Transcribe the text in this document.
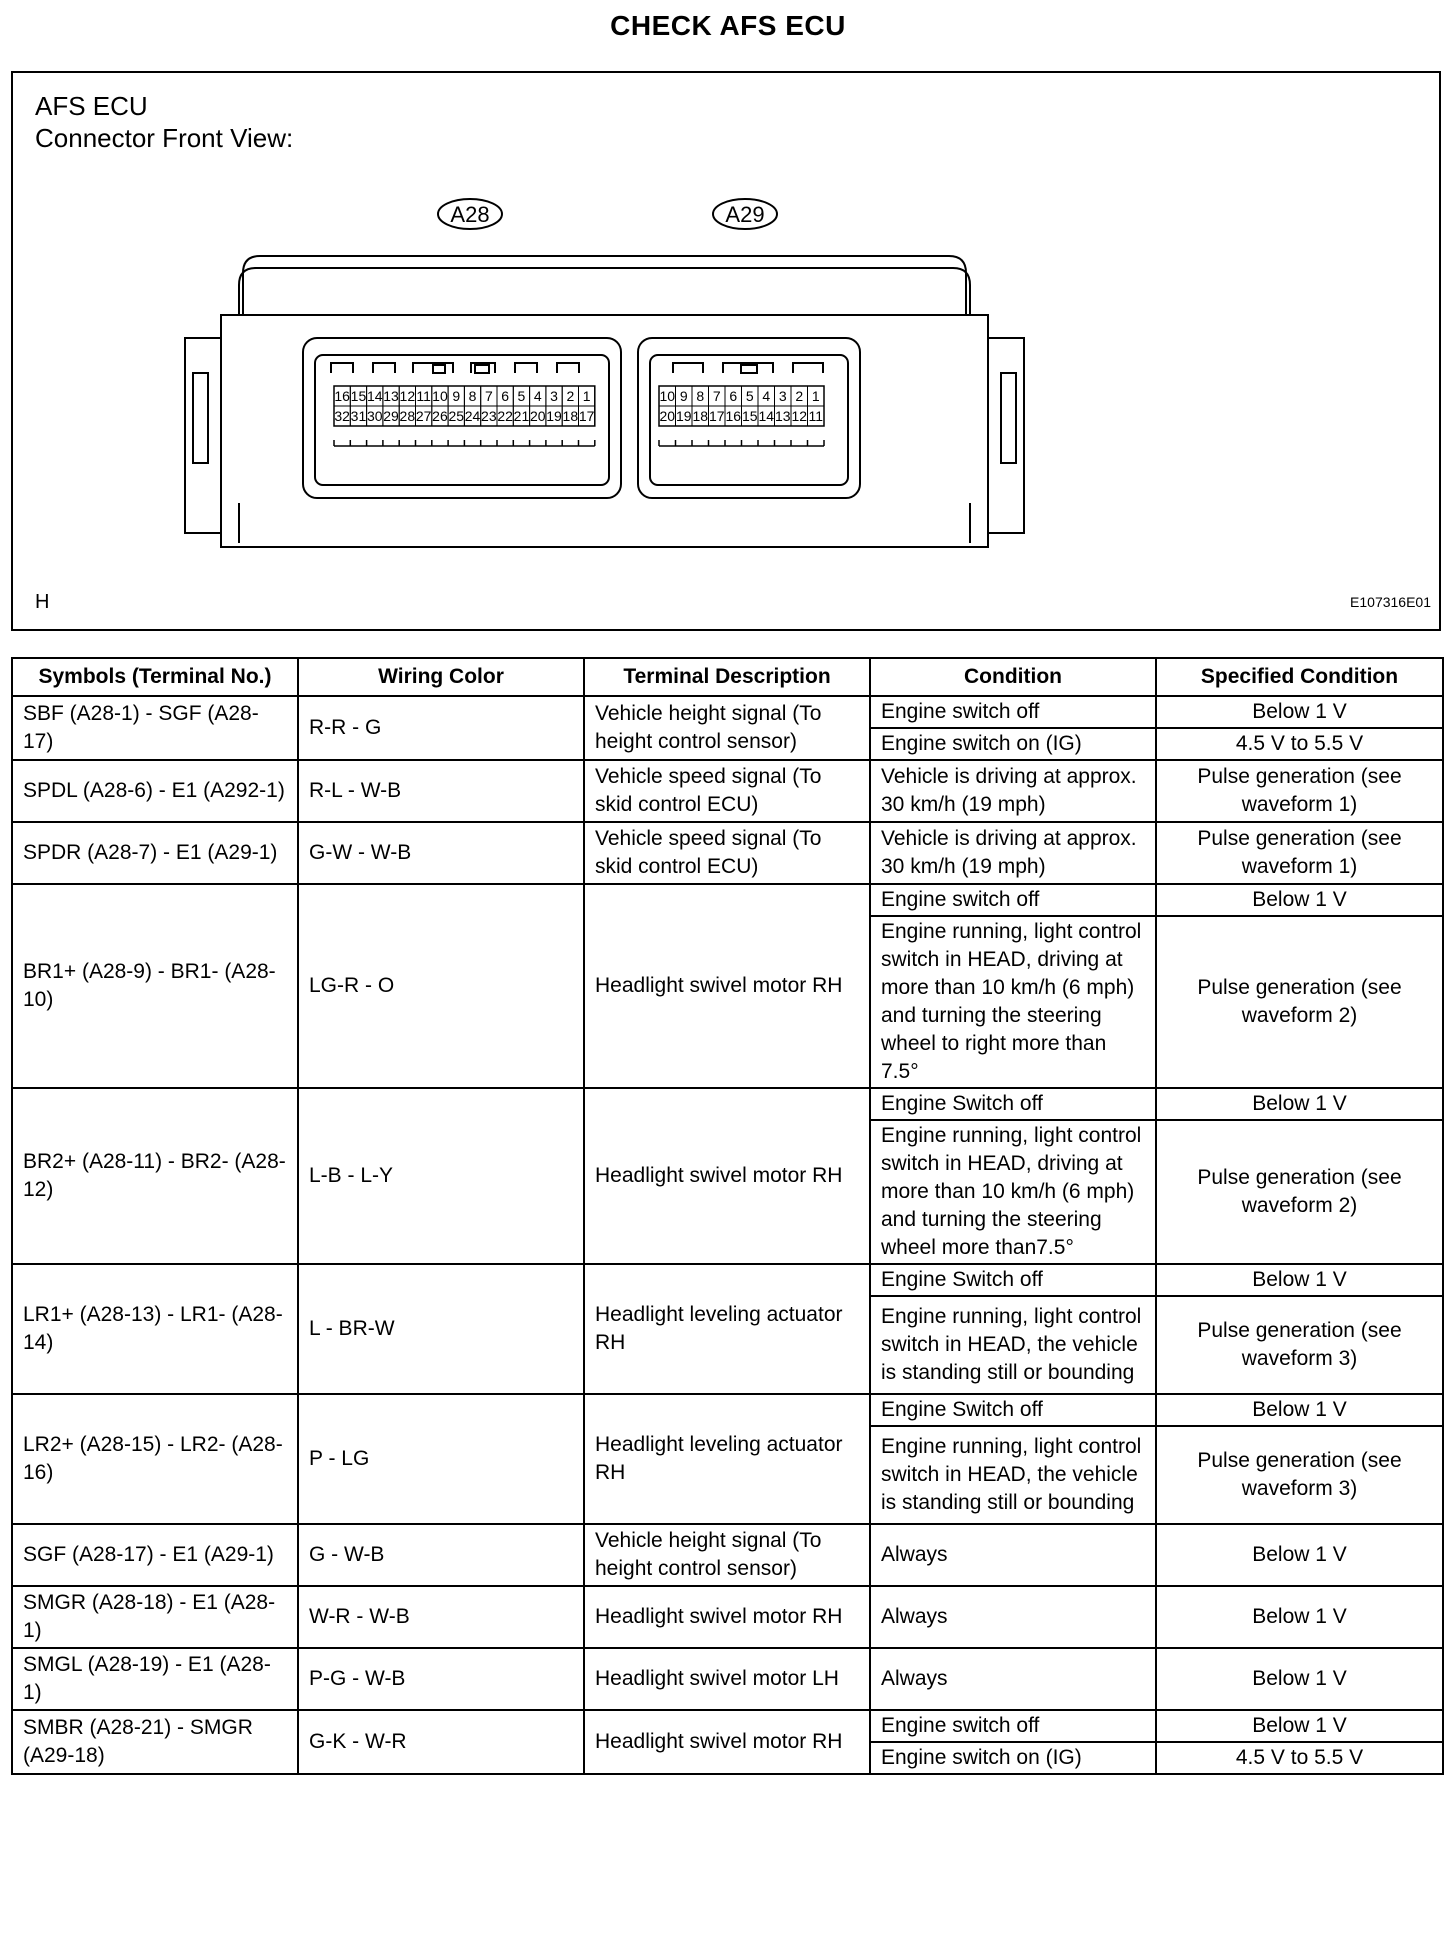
CHECK AFS ECU
AFS ECU
Connector Front View:
16 15 14 13 12 11 10 9 8 7 6 5 4 3 2 1
32 31 30 29 28 27 26 25 24 23 22 21 20 19 18 17
10 9 8 7 6 5 4 3 2 1
20 19 18 17 16 15 14 13 12 11
A28	A29
H	E107316E01
Symbols (Terminal No.)	Wiring Color	Terminal Description	Condition	Specified Condition
SBF (A28-1) - SGF (A28-17)	R-R - G	Vehicle height signal (To height control sensor)	Engine switch off	Below 1 V
			Engine switch on (IG)	4.5 V to 5.5 V
SPDL (A28-6) - E1 (A292-1)	R-L - W-B	Vehicle speed signal (To skid control ECU)	Vehicle is driving at approx. 30 km/h (19 mph)	Pulse generation (see waveform 1)
SPDR (A28-7) - E1 (A29-1)	G-W - W-B	Vehicle speed signal (To skid control ECU)	Vehicle is driving at approx. 30 km/h (19 mph)	Pulse generation (see waveform 1)
BR1+ (A28-9) - BR1- (A28-10)	LG-R - O	Headlight swivel motor RH	Engine switch off	Below 1 V
			Engine running, light control switch in HEAD, driving at more than 10 km/h (6 mph) and turning the steering wheel to right more than 7.5°	Pulse generation (see waveform 2)
BR2+ (A28-11) - BR2- (A28-12)	L-B - L-Y	Headlight swivel motor RH	Engine Switch off	Below 1 V
			Engine running, light control switch in HEAD, driving at more than 10 km/h (6 mph) and turning the steering wheel more than7.5°	Pulse generation (see waveform 2)
LR1+ (A28-13) - LR1- (A28-14)	L - BR-W	Headlight leveling actuator RH	Engine Switch off	Below 1 V
			Engine running, light control switch in HEAD, the vehicle is standing still or bounding	Pulse generation (see waveform 3)
LR2+ (A28-15) - LR2- (A28-16)	P - LG	Headlight leveling actuator RH	Engine Switch off	Below 1 V
			Engine running, light control switch in HEAD, the vehicle is standing still or bounding	Pulse generation (see waveform 3)
SGF (A28-17) - E1 (A29-1)	G - W-B	Vehicle height signal (To height control sensor)	Always	Below 1 V
SMGR (A28-18) - E1 (A28-1)	W-R - W-B	Headlight swivel motor RH	Always	Below 1 V
SMGL (A28-19) - E1 (A28-1)	P-G - W-B	Headlight swivel motor LH	Always	Below 1 V
SMBR (A28-21) - SMGR (A29-18)	G-K - W-R	Headlight swivel motor RH	Engine switch off	Below 1 V
			Engine switch on (IG)	4.5 V to 5.5 V
